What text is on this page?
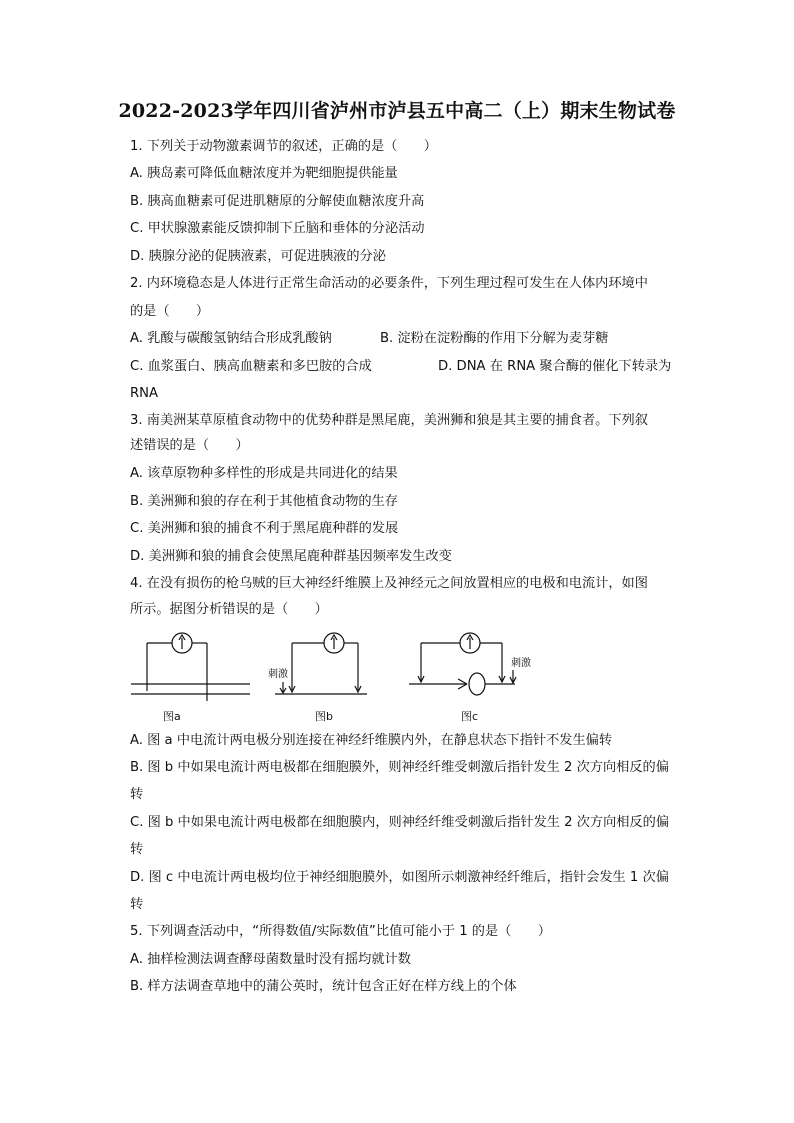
2022-2023学年四川省泸州市泸县五中高二（上）期末生物试卷
1. 下列关于动物激素调节的叙述，正确的是（　　）
A. 胰岛素可降低血糖浓度并为靶细胞提供能量
B. 胰高血糖素可促进肌糖原的分解使血糖浓度升高
C. 甲状腺激素能反馈抑制下丘脑和垂体的分泌活动
D. 胰腺分泌的促胰液素，可促进胰液的分泌
2. 内环境稳态是人体进行正常生命活动的必要条件，下列生理过程可发生在人体内环境中
的是（　　）
A. 乳酸与碳酸氢钠结合形成乳酸钠	B. 淀粉在淀粉酶的作用下分解为麦芽糖
C. 血浆蛋白、胰高血糖素和多巴胺的合成	D. DNA 在 RNA 聚合酶的催化下转录为
RNA
3. 南美洲某草原植食动物中的优势种群是黑尾鹿，美洲狮和狼是其主要的捕食者。下列叙
述错误的是（　　）
A. 该草原物种多样性的形成是共同进化的结果
B. 美洲狮和狼的存在利于其他植食动物的生存
C. 美洲狮和狼的捕食不利于黑尾鹿种群的发展
D. 美洲狮和狼的捕食会使黑尾鹿种群基因频率发生改变
4. 在没有损伤的枪乌贼的巨大神经纤维膜上及神经元之间放置相应的电极和电流计，如图
所示。据图分析错误的是（　　）
图a
刺激
图b
刺激
图c
A. 图 a 中电流计两电极分别连接在神经纤维膜内外，在静息状态下指针不发生偏转
B. 图 b 中如果电流计两电极都在细胞膜外，则神经纤维受刺激后指针发生 2 次方向相反的偏
转
C. 图 b 中如果电流计两电极都在细胞膜内，则神经纤维受刺激后指针发生 2 次方向相反的偏
转
D. 图 c 中电流计两电极均位于神经细胞膜外，如图所示刺激神经纤维后，指针会发生 1 次偏
转
5. 下列调查活动中，“所得数值/实际数值”比值可能小于 1 的是（　　）
A. 抽样检测法调查酵母菌数量时没有摇均就计数
B. 样方法调查草地中的蒲公英时，统计包含正好在样方线上的个体
